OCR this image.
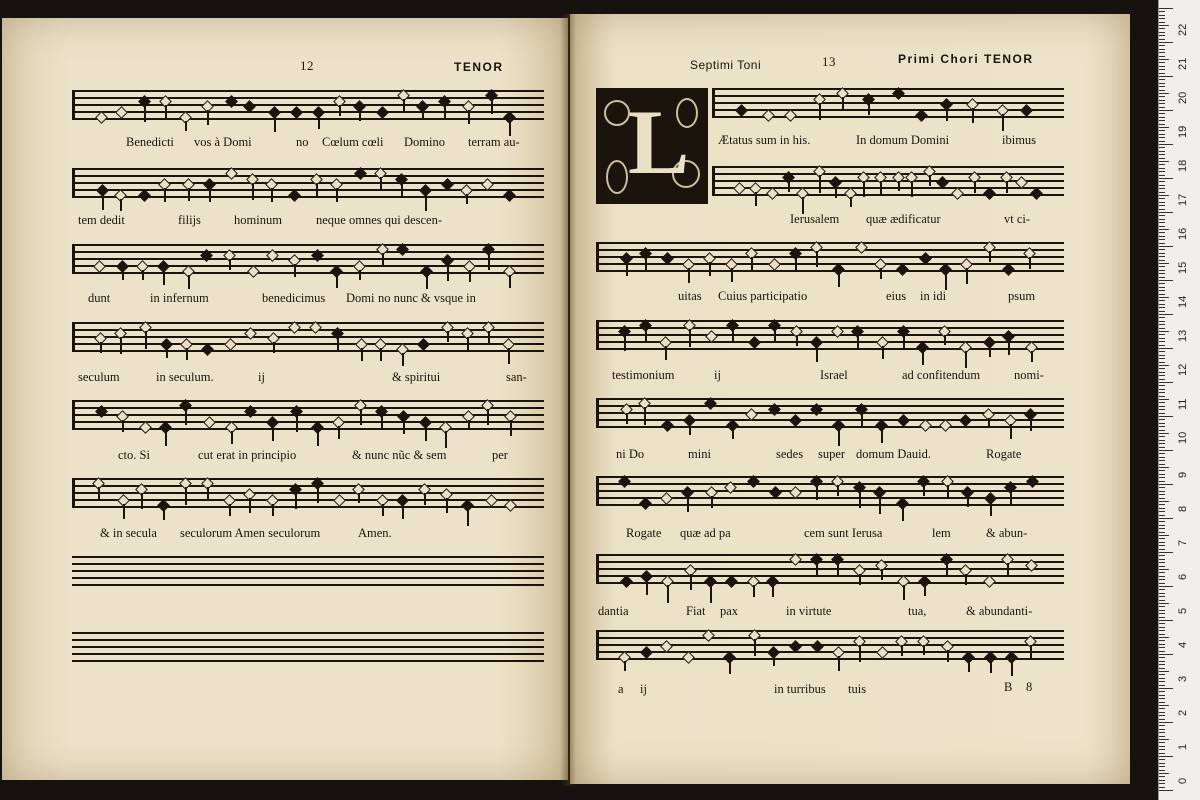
12	TENOR	Septimi Toni	13	Primi Chori TENOR
L
Benedicti vos à Domi	no Cœlum cœli Domino terram au-
tem dedit	filijs	hominum	neque omnes qui descen-
dunt	in infernum	benedicimus Domi no nunc & vsque in
seculum	in seculum.	ij	& spiritui	san-
cto. Si	cut erat in principio	& nunc nũc & sem	per
& in secula seculorum Amen seculorum	Amen.
Ætatus sum in his.	In domum Domini	ibimus
Ierusalem quæ ædificatur	vt ci-
uitas Cuius participatio	eius in idi	psum
testimonium	ij	Israel	ad confitendum	nomi-
ni Do	mini	sedes super domum Dauid.	Rogate
Rogate quæ ad pa	cem sunt Ierusa	lem	& abun-
dantia	Fiat pax	in virtute	tua,	& abundanti-
a ij	in turribus tuis	B 8
22
21
20
19
18
17
16
15
14
13
12
11
10
9
8
7
6
5
4
3
2
1
0
